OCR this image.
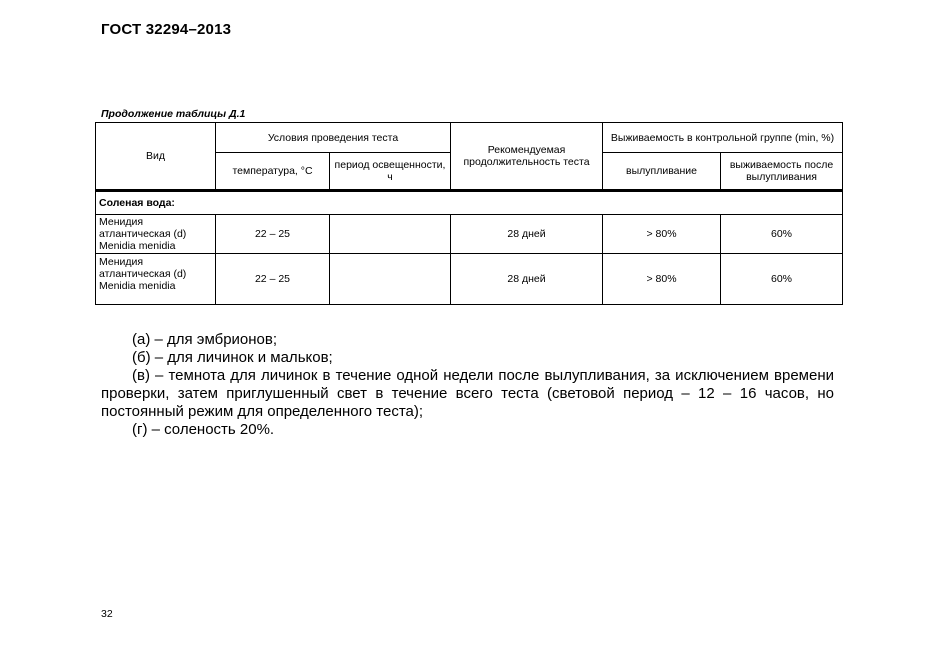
ГОСТ 32294–2013
Продолжение таблицы Д.1
Вид	Условия проведения теста		Рекомендуемая продолжительность теста	Выживаемость в контрольной группе (min, %)	
	температура, °С	период освещенности, ч		вылупливание	выживаемость после вылупливания
Соленая вода:					

Менидия
атлантическая (d)
Menidia menidia	22 – 25		28 дней	> 80%	60%

Менидия
атлантическая (d)
Menidia menidia	22 – 25		28 дней	> 80%	60%

(а) – для эмбрионов;

(б) – для личинок и мальков;

(в) – темнота для личинок в течение одной недели после вылупливания, за исключением времени проверки, затем приглушенный свет в течение всего теста (световой период – 12 – 16 часов, но постоянный режим для определенного теста);

(г) – соленость 20%.

32
